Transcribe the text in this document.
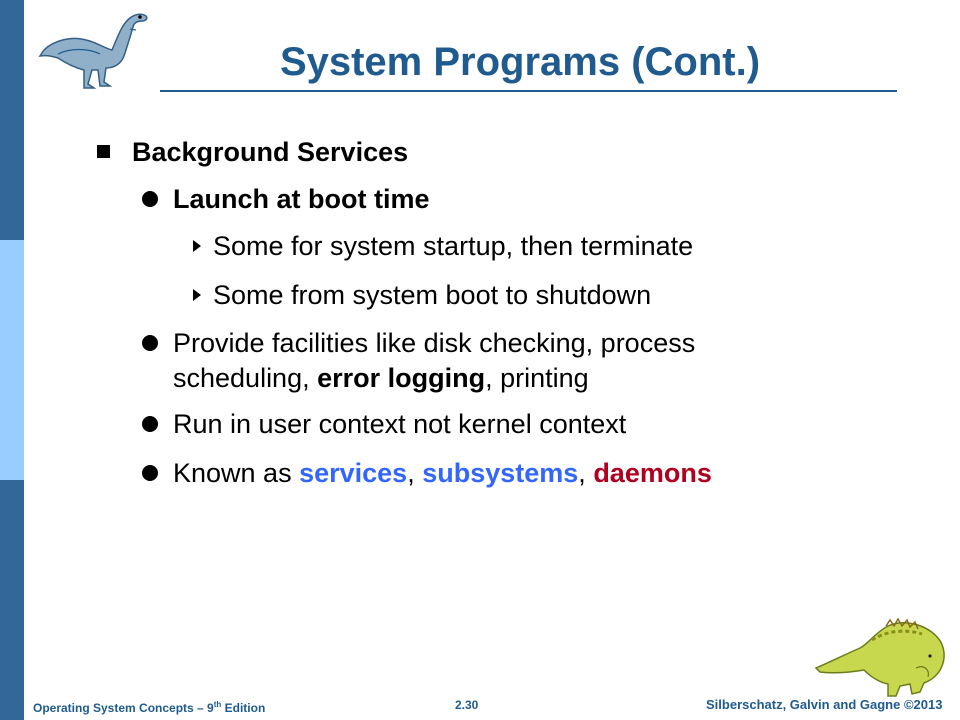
System Programs (Cont.)
Background Services
Launch at boot time
Some for system startup, then terminate
Some from system boot to shutdown
Provide facilities like disk checking, process
scheduling, error logging, printing
Run in user context not kernel context
Known as services, subsystems, daemons
Operating System Concepts – 9th Edition	2.30	Silberschatz, Galvin and Gagne ©2013
